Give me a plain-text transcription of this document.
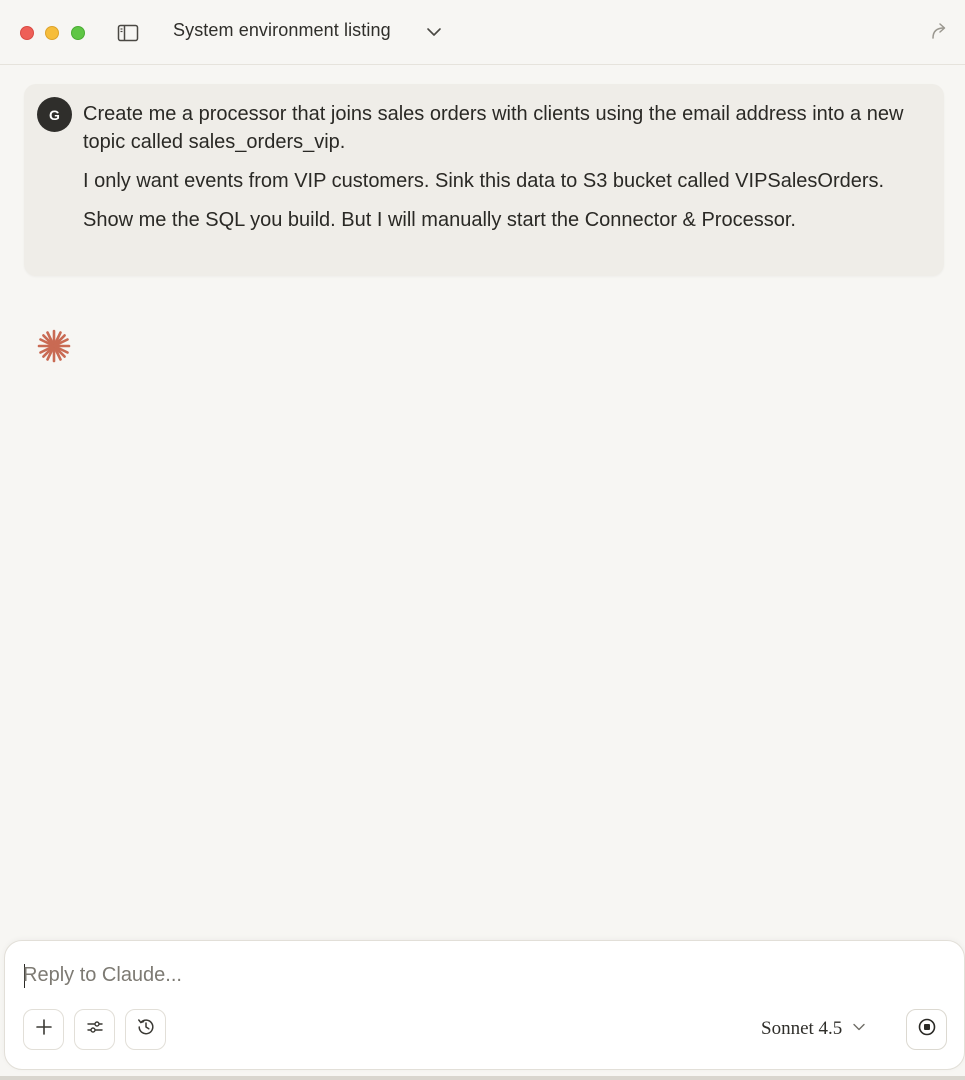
System environment listing
G	Create me a processor that joins sales orders with clients using the email address into a new topic called sales_orders_vip.

I only want events from VIP customers. Sink this data to S3 bucket called VIPSalesOrders.

Show me the SQL you build. But I will manually start the Connector & Processor.

Reply to Claude...
Sonnet 4.5
